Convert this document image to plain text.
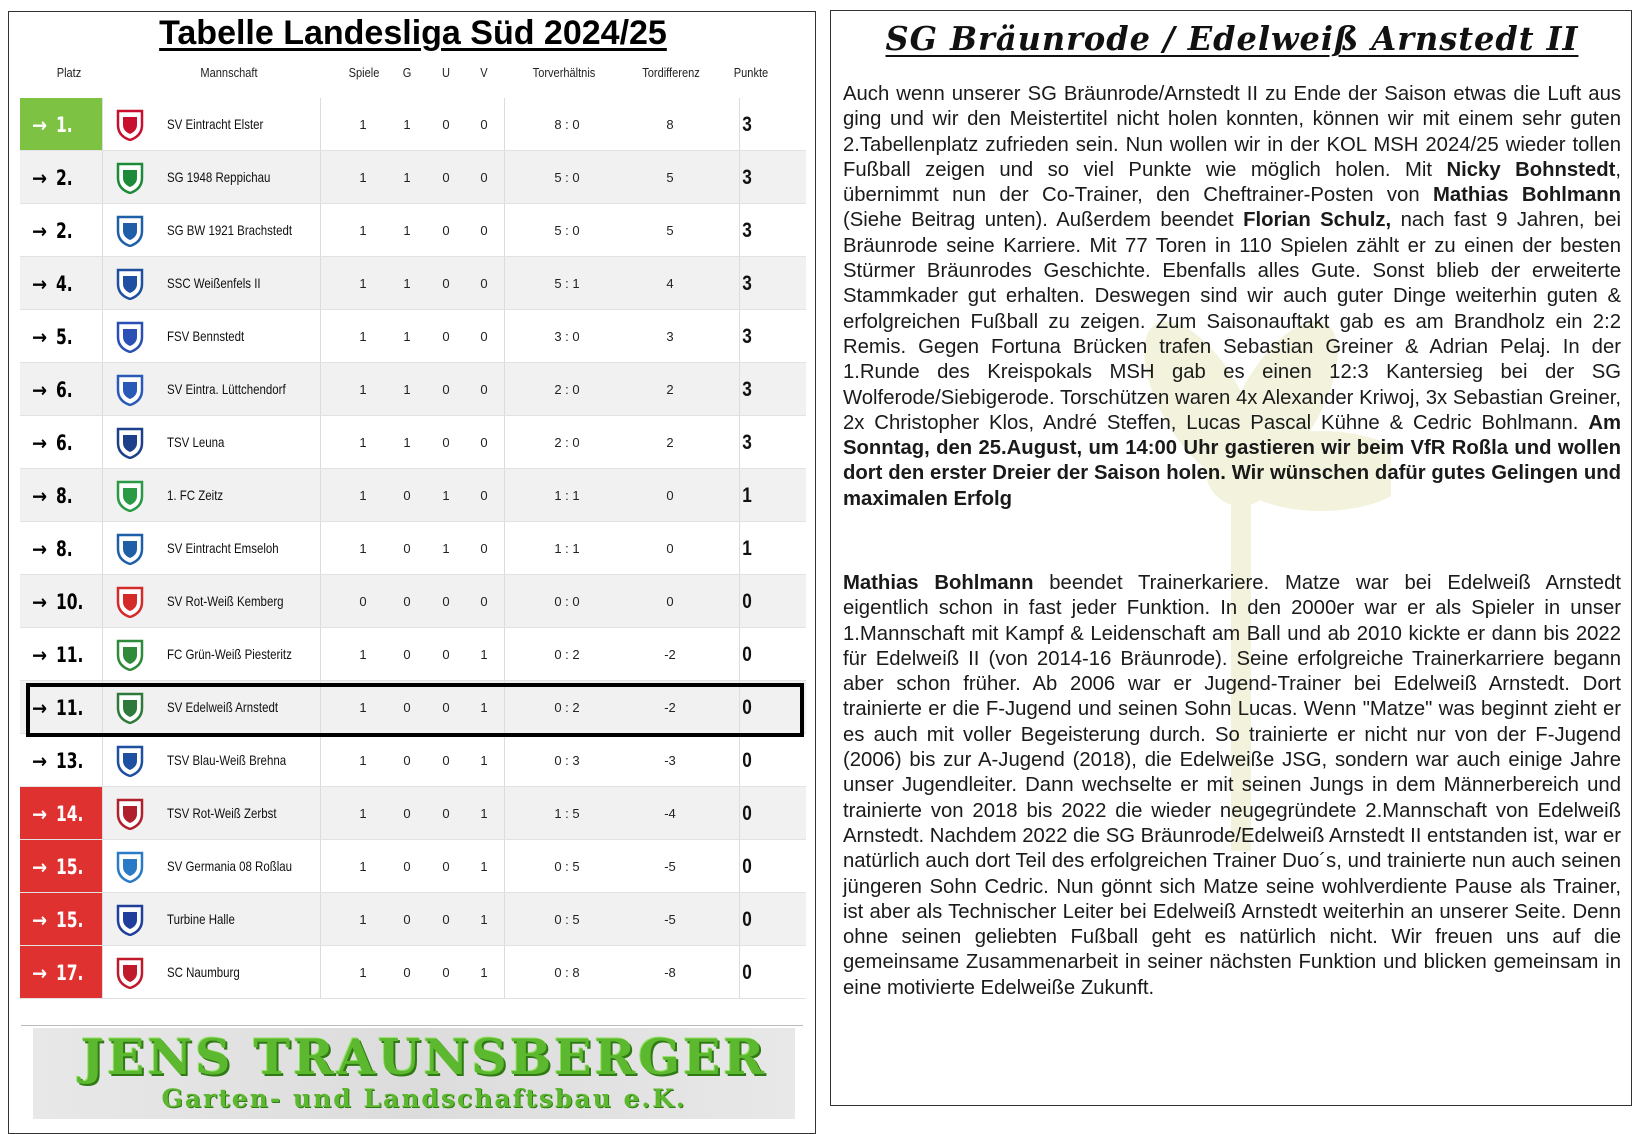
Tabelle Landesliga Süd 2024/25
Platz	Mannschaft	Spiele	G	U	V	Torverhältnis	Tordifferenz	Punkte
→ 1.	SV Eintracht Elster	1	1	0	0	8 : 0	8	3
→ 2.	SG 1948 Reppichau	1	1	0	0	5 : 0	5	3
→ 2.	SG BW 1921 Brachstedt	1	1	0	0	5 : 0	5	3
→ 4.	SSC Weißenfels II	1	1	0	0	5 : 1	4	3
→ 5.	FSV Bennstedt	1	1	0	0	3 : 0	3	3
→ 6.	SV Eintra. Lüttchendorf	1	1	0	0	2 : 0	2	3
→ 6.	TSV Leuna	1	1	0	0	2 : 0	2	3
→ 8.	1. FC Zeitz	1	0	1	0	1 : 1	0	1
→ 8.	SV Eintracht Emseloh	1	0	1	0	1 : 1	0	1
→ 10.	SV Rot-Weiß Kemberg	0	0	0	0	0 : 0	0	0
→ 11.	FC Grün-Weiß Piesteritz	1	0	0	1	0 : 2	-2	0
→ 11.	SV Edelweiß Arnstedt	1	0	0	1	0 : 2	-2	0
→ 13.	TSV Blau-Weiß Brehna	1	0	0	1	0 : 3	-3	0
→ 14.	TSV Rot-Weiß Zerbst	1	0	0	1	1 : 5	-4	0
→ 15.	SV Germania 08 Roßlau	1	0	0	1	0 : 5	-5	0
→ 15.	Turbine Halle	1	0	0	1	0 : 5	-5	0
→ 17.	SC Naumburg	1	0	0	1	0 : 8	-8	0
JENS TRAUNSBERGER
Garten- und Landschaftsbau e.K.
SG Bräunrode / Edelweiß Arnstedt II
Auch wenn unserer SG Bräunrode/Arnstedt II zu Ende der Saison etwas die Luft aus ging und wir den Meistertitel nicht holen konnten, können wir mit einem sehr guten 2.Tabellenplatz zufrieden sein. Nun wollen wir in der KOL MSH 2024/25 wieder tollen Fußball zeigen und so viel Punkte wie möglich holen. Mit Nicky Bohnstedt, übernimmt nun der Co-Trainer, den Cheftrainer-Posten von Mathias Bohlmann (Siehe Beitrag unten). Außerdem beendet Florian Schulz, nach fast 9 Jahren, bei Bräunrode seine Karriere. Mit 77 Toren in 110 Spielen zählt er zu einen der besten Stürmer Bräunrodes Geschichte. Ebenfalls alles Gute. Sonst blieb der erweiterte Stammkader gut erhalten. Deswegen sind wir auch guter Dinge weiterhin guten & erfolgreichen Fußball zu zeigen. Zum Saisonauftakt gab es am Brandholz ein 2:2 Remis. Gegen Fortuna Brücken trafen Sebastian Greiner & Adrian Pelaj. In der 1.Runde des Kreispokals MSH gab es einen 12:3 Kantersieg bei der SG Wolferode/Siebigerode. Torschützen waren 4x Alexander Kriwoj, 3x Sebastian Greiner, 2x Christopher Klos, André Steffen, Lucas Pascal Kühne & Cedric Bohlmann. Am Sonntag, den 25.August, um 14:00 Uhr gastieren wir beim VfR Roßla und wollen dort den erster Dreier der Saison holen. Wir wünschen dafür gutes Gelingen und maximalen Erfolg
Mathias Bohlmann beendet Trainerkariere. Matze war bei Edelweiß Arnstedt eigentlich schon in fast jeder Funktion. In den 2000er war er als Spieler in unser 1.Mannschaft mit Kampf & Leidenschaft am Ball und ab 2010 kickte er dann bis 2022 für Edelweiß II (von 2014-16 Bräunrode). Seine erfolgreiche Trainerkarriere begann aber schon früher. Ab 2006 war er Jugend-Trainer bei Edelweiß Arnstedt. Dort trainierte er die F-Jugend und seinen Sohn Lucas. Wenn "Matze" was beginnt zieht er es auch mit voller Begeisterung durch. So trainierte er nicht nur von der F-Jugend (2006) bis zur A-Jugend (2018), die Edelweiße JSG, sondern war auch einige Jahre unser Jugendleiter. Dann wechselte er mit seinen Jungs in dem Männerbereich und trainierte von 2018 bis 2022 die wieder neugegründete 2.Mannschaft von Edelweiß Arnstedt. Nachdem 2022 die SG Bräunrode/Edelweiß Arnstedt II entstanden ist, war er natürlich auch dort Teil des erfolgreichen Trainer Duo´s, und trainierte nun auch seinen jüngeren Sohn Cedric. Nun gönnt sich Matze seine wohlverdiente Pause als Trainer, ist aber als Technischer Leiter bei Edelweiß Arnstedt weiterhin an unserer Seite. Denn ohne seinen geliebten Fußball geht es natürlich nicht. Wir freuen uns auf die gemeinsame Zusammenarbeit in seiner nächsten Funktion und blicken gemeinsam in eine motivierte Edelweiße Zukunft.
